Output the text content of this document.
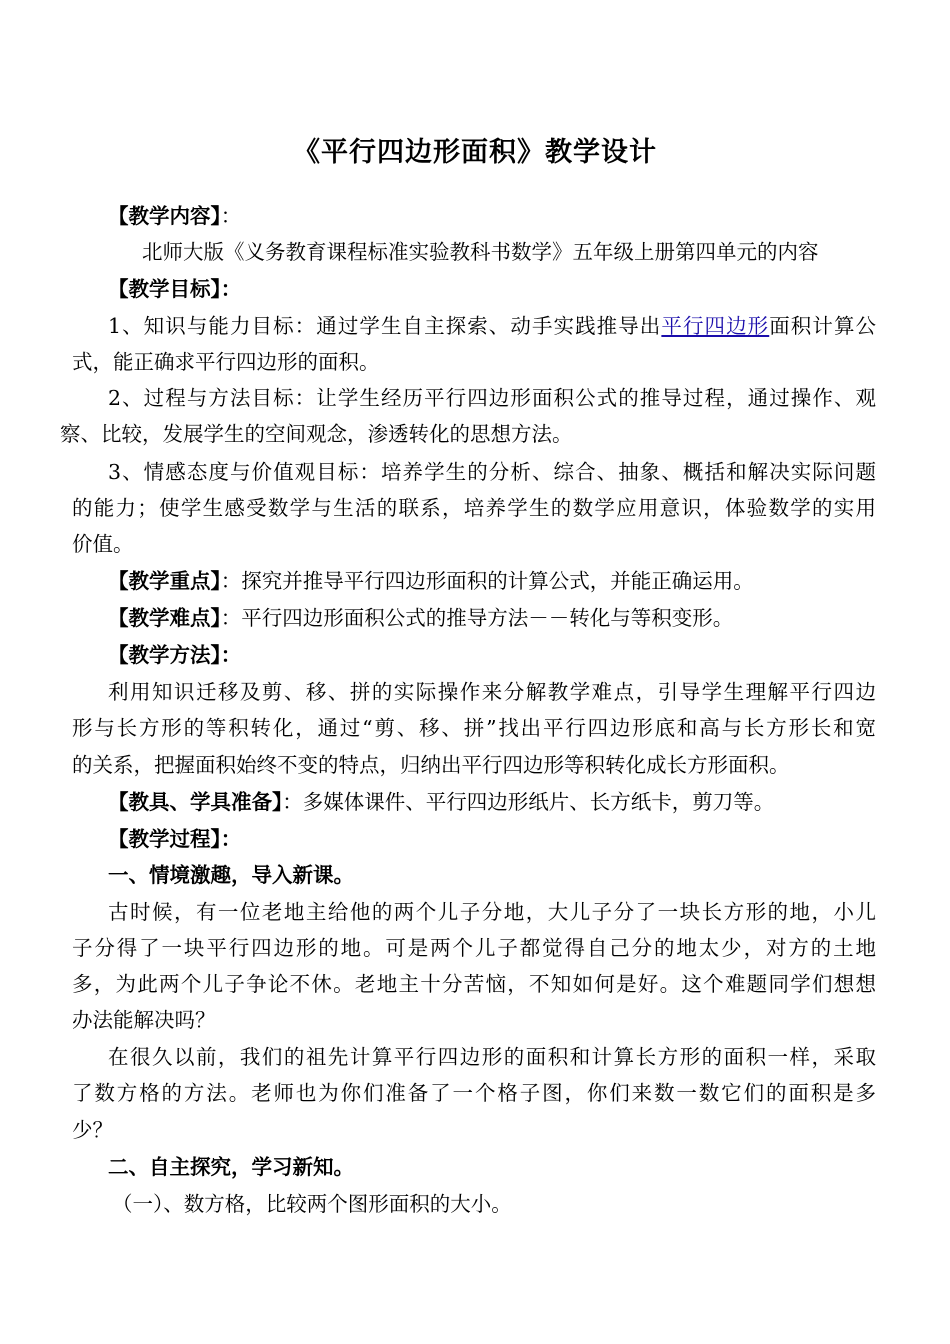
《平行四边形面积》教学设计
【教学内容】：
北师大版《义务教育课程标准实验教科书数学》五年级上册第四单元的内容
【教学目标】：
1、知识与能力目标：通过学生自主探索、动手实践推导出平行四边形面积计算公
式，能正确求平行四边形的面积。
2、过程与方法目标：让学生经历平行四边形面积公式的推导过程，通过操作、观
察、比较，发展学生的空间观念，渗透转化的思想方法。
3、情感态度与价值观目标：培养学生的分析、综合、抽象、概括和解决实际问题
的能力；使学生感受数学与生活的联系，培养学生的数学应用意识，体验数学的实用
价值。
【教学重点】：探究并推导平行四边形面积的计算公式，并能正确运用。
【教学难点】：平行四边形面积公式的推导方法－－转化与等积变形。
【教学方法】：
利用知识迁移及剪、移、拼的实际操作来分解教学难点，引导学生理解平行四边
形与长方形的等积转化，通过“剪、移、拼”找出平行四边形底和高与长方形长和宽
的关系，把握面积始终不变的特点，归纳出平行四边形等积转化成长方形面积。
【教具、学具准备】：多媒体课件、平行四边形纸片、长方纸卡，剪刀等。
【教学过程】：
一、情境激趣，导入新课。
古时候，有一位老地主给他的两个儿子分地，大儿子分了一块长方形的地，小儿
子分得了一块平行四边形的地。可是两个儿子都觉得自己分的地太少，对方的土地
多，为此两个儿子争论不休。老地主十分苦恼，不知如何是好。这个难题同学们想想
办法能解决吗？
在很久以前，我们的祖先计算平行四边形的面积和计算长方形的面积一样，采取
了数方格的方法。老师也为你们准备了一个格子图，你们来数一数它们的面积是多
少？
二、自主探究，学习新知。
（一）、数方格，比较两个图形面积的大小。
